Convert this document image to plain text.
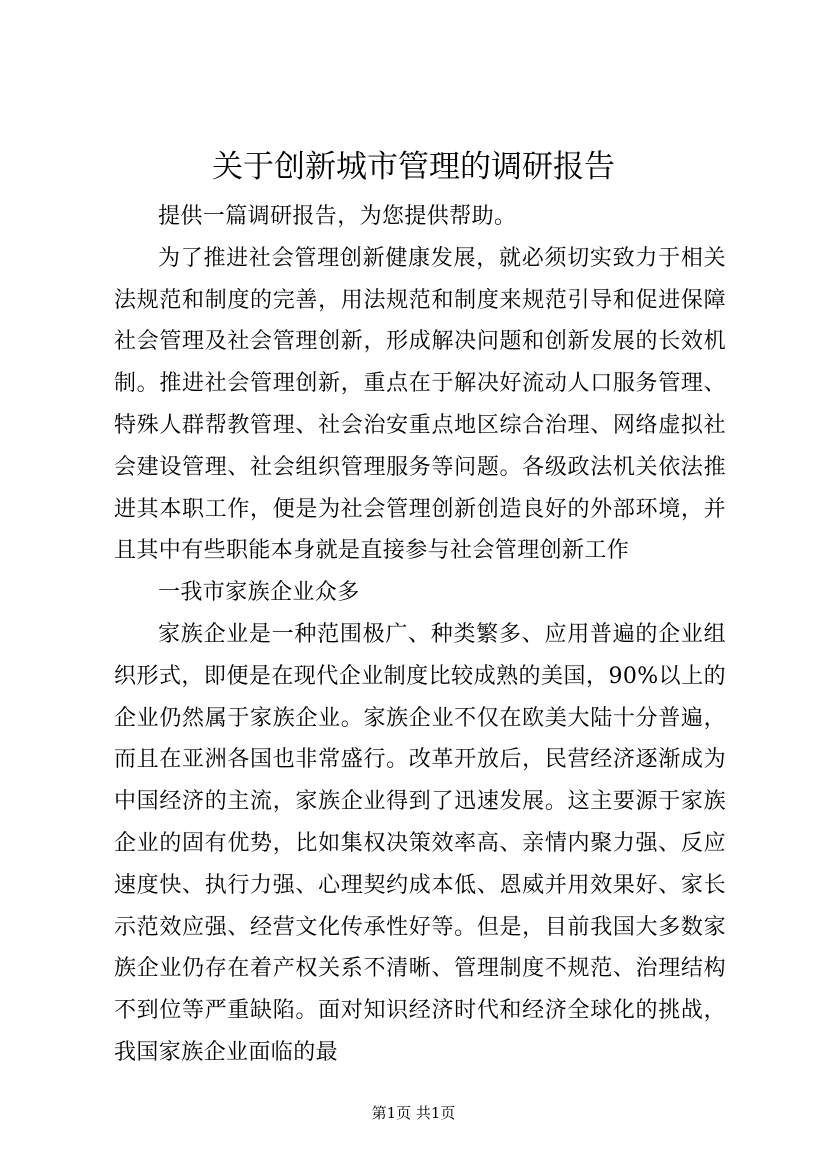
关于创新城市管理的调研报告

提供一篇调研报告，为您提供帮助。

为了推进社会管理创新健康发展，就必须切实致力于相关法规范和制度的完善，用法规范和制度来规范引导和促进保障社会管理及社会管理创新，形成解决问题和创新发展的长效机制。推进社会管理创新，重点在于解决好流动人口服务管理、特殊人群帮教管理、社会治安重点地区综合治理、网络虚拟社会建设管理、社会组织管理服务等问题。各级政法机关依法推进其本职工作，便是为社会管理创新创造良好的外部环境，并且其中有些职能本身就是直接参与社会管理创新工作

一我市家族企业众多

家族企业是一种范围极广、种类繁多、应用普遍的企业组织形式，即便是在现代企业制度比较成熟的美国，90%以上的企业仍然属于家族企业。家族企业不仅在欧美大陆十分普遍，而且在亚洲各国也非常盛行。改革开放后，民营经济逐渐成为中国经济的主流，家族企业得到了迅速发展。这主要源于家族企业的固有优势，比如集权决策效率高、亲情内聚力强、反应速度快、执行力强、心理契约成本低、恩威并用效果好、家长示范效应强、经营文化传承性好等。但是，目前我国大多数家族企业仍存在着产权关系不清晰、管理制度不规范、治理结构不到位等严重缺陷。面对知识经济时代和经济全球化的挑战，我国家族企业面临的最

第1页 共1页
